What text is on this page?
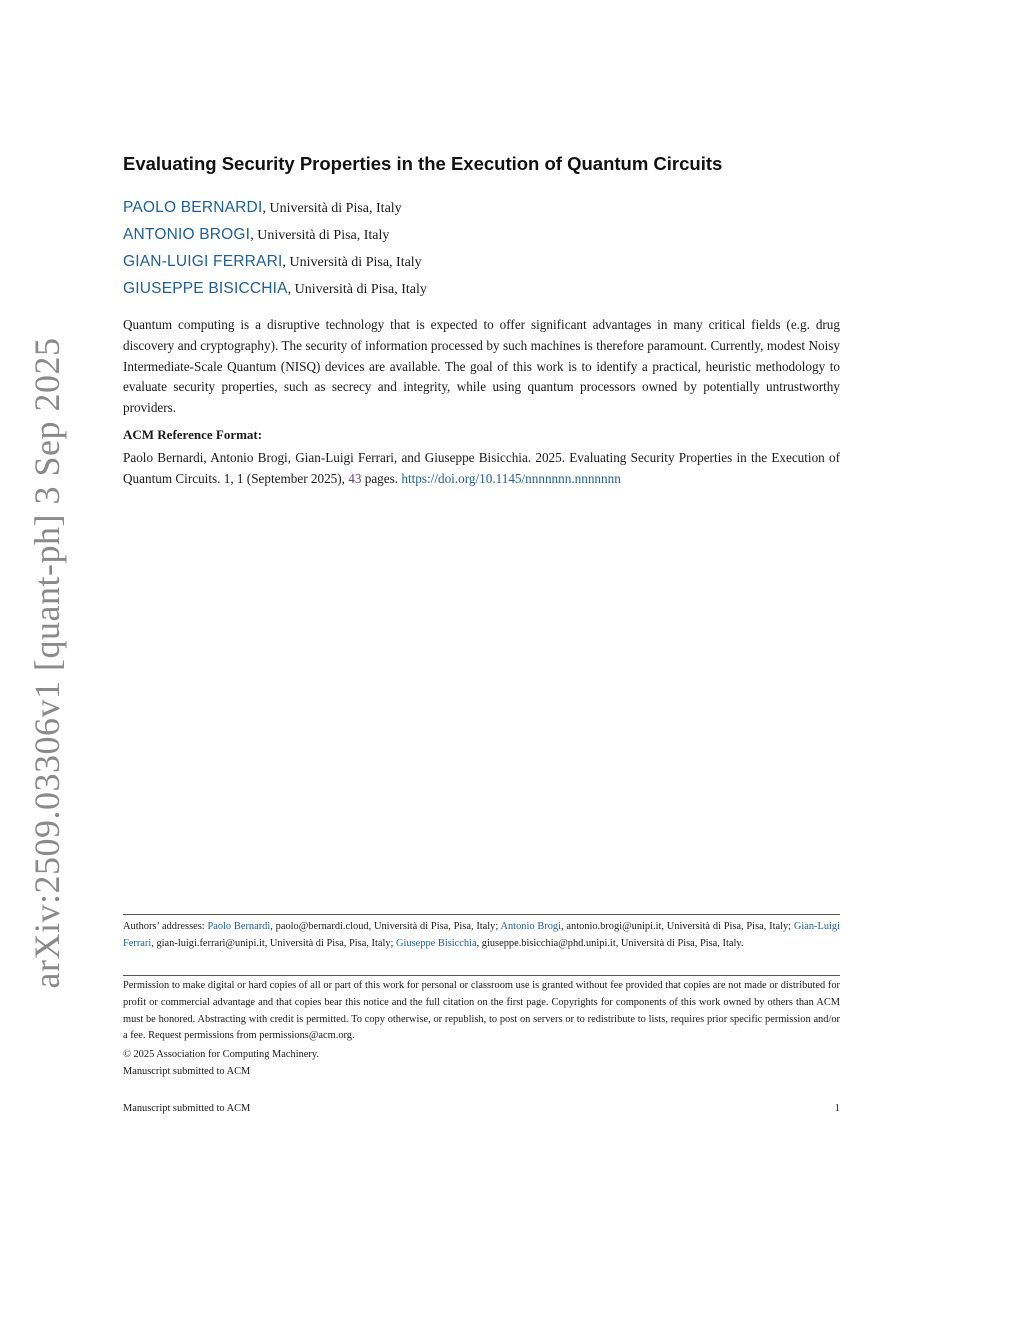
arXiv:2509.03306v1 [quant-ph] 3 Sep 2025
Evaluating Security Properties in the Execution of Quantum Circuits
PAOLO BERNARDI, Università di Pisa, Italy
ANTONIO BROGI, Università di Pisa, Italy
GIAN-LUIGI FERRARI, Università di Pisa, Italy
GIUSEPPE BISICCHIA, Università di Pisa, Italy

Quantum computing is a disruptive technology that is expected to offer significant advantages in many critical fields (e.g. drug discovery and cryptography). The security of information processed by such machines is therefore paramount. Currently, modest Noisy Intermediate-Scale Quantum (NISQ) devices are available. The goal of this work is to identify a practical, heuristic methodology to evaluate security properties, such as secrecy and integrity, while using quantum processors owned by potentially untrustworthy providers.

ACM Reference Format:

Paolo Bernardi, Antonio Brogi, Gian-Luigi Ferrari, and Giuseppe Bisicchia. 2025. Evaluating Security Properties in the Execution of Quantum Circuits. 1, 1 (September 2025), 43 pages. https://doi.org/10.1145/nnnnnnn.nnnnnnn

Authors’ addresses: Paolo Bernardi, paolo@bernardi.cloud, Università di Pisa, Pisa, Italy; Antonio Brogi, antonio.brogi@unipi.it, Università di Pisa, Pisa, Italy; Gian-Luigi Ferrari, gian-luigi.ferrari@unipi.it, Università di Pisa, Pisa, Italy; Giuseppe Bisicchia, giuseppe.bisicchia@phd.unipi.it, Università di Pisa, Pisa, Italy.

Permission to make digital or hard copies of all or part of this work for personal or classroom use is granted without fee provided that copies are not made or distributed for profit or commercial advantage and that copies bear this notice and the full citation on the first page. Copyrights for components of this work owned by others than ACM must be honored. Abstracting with credit is permitted. To copy otherwise, or republish, to post on servers or to redistribute to lists, requires prior specific permission and/or a fee. Request permissions from permissions@acm.org.

© 2025 Association for Computing Machinery.
Manuscript submitted to ACM
Manuscript submitted to ACM	1
